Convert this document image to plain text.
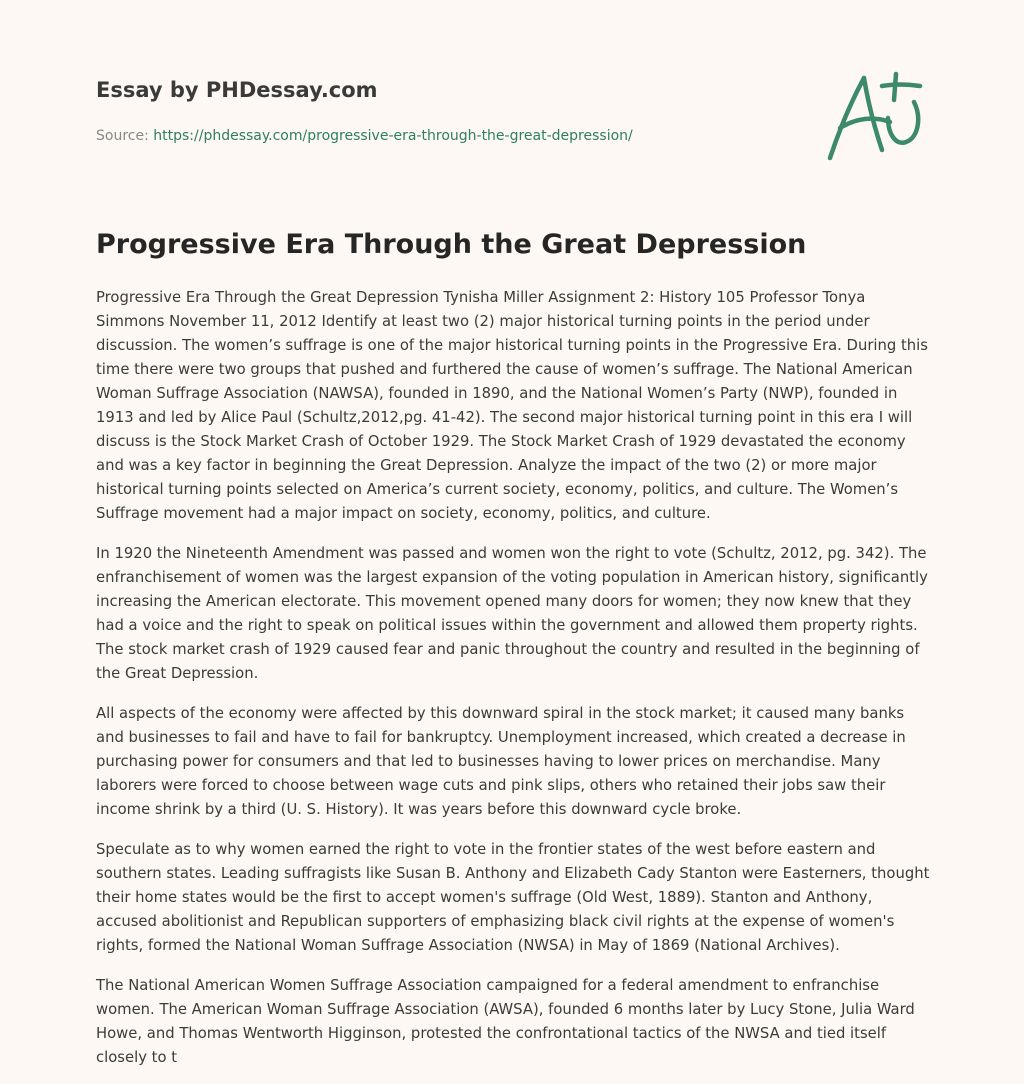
Essay by PHDessay.com
Source: https://phdessay.com/progressive-era-through-the-great-depression/
Progressive Era Through the Great Depression

Progressive Era Through the Great Depression Tynisha Miller Assignment 2: History 105 Professor Tonya Simmons November 11, 2012 Identify at least two (2) major historical turning points in the period under discussion. The women’s suffrage is one of the major historical turning points in the Progressive Era. During this time there were two groups that pushed and furthered the cause of women’s suffrage. The National American Woman Suffrage Association (NAWSA), founded in 1890, and the National Women’s Party (NWP), founded in 1913 and led by Alice Paul (Schultz,2012,pg. 41-42). The second major historical turning point in this era I will discuss is the Stock Market Crash of October 1929. The Stock Market Crash of 1929 devastated the economy and was a key factor in beginning the Great Depression. Analyze the impact of the two (2) or more major historical turning points selected on America’s current society, economy, politics, and culture. The Women’s Suffrage movement had a major impact on society, economy, politics, and culture.

In 1920 the Nineteenth Amendment was passed and women won the right to vote (Schultz, 2012, pg. 342). The enfranchisement of women was the largest expansion of the voting population in American history, significantly increasing the American electorate. This movement opened many doors for women; they now knew that they had a voice and the right to speak on political issues within the government and allowed them property rights. The stock market crash of 1929 caused fear and panic throughout the country and resulted in the beginning of the Great Depression.

All aspects of the economy were affected by this downward spiral in the stock market; it caused many banks and businesses to fail and have to fail for bankruptcy. Unemployment increased, which created a decrease in purchasing power for consumers and that led to businesses having to lower prices on merchandise. Many laborers were forced to choose between wage cuts and pink slips, others who retained their jobs saw their income shrink by a third (U. S. History). It was years before this downward cycle broke.

Speculate as to why women earned the right to vote in the frontier states of the west before eastern and southern states. Leading suffragists like Susan B. Anthony and Elizabeth Cady Stanton were Easterners, thought their home states would be the first to accept women's suffrage (Old West, 1889). Stanton and Anthony, accused abolitionist and Republican supporters of emphasizing black civil rights at the expense of women's rights, formed the National Woman Suffrage Association (NWSA) in May of 1869 (National Archives).

The National American Women Suffrage Association campaigned for a federal amendment to enfranchise women. The American Woman Suffrage Association (AWSA), founded 6 months later by Lucy Stone, Julia Ward Howe, and Thomas Wentworth Higginson, protested the confrontational tactics of the NWSA and tied itself closely to t
